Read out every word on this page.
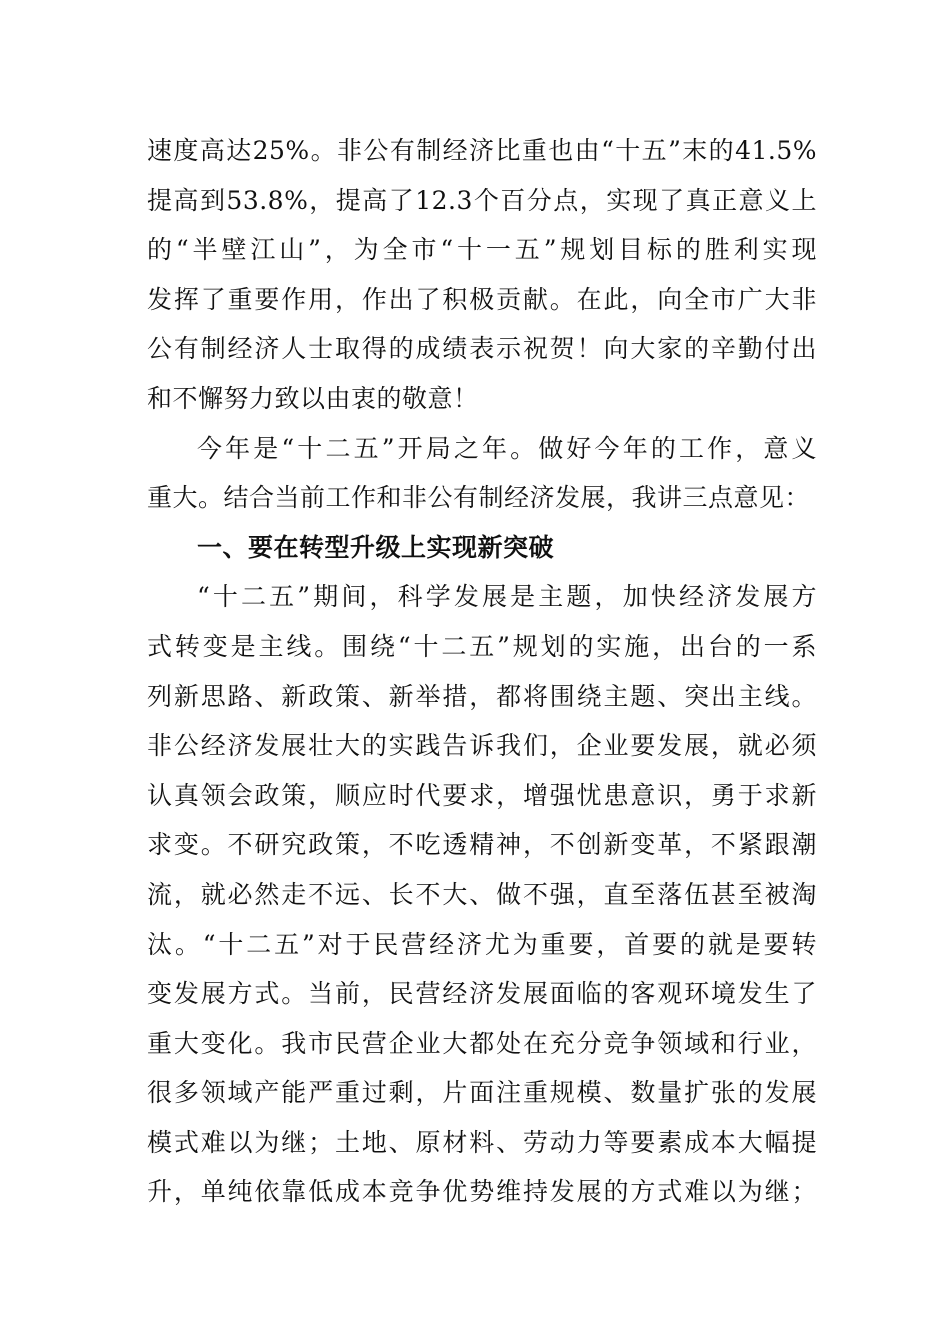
速度高达25%。非公有制经济比重也由“十五”末的41.5%
提高到53.8%，提高了12.3个百分点，实现了真正意义上
的“半壁江山”，为全市“十一五”规划目标的胜利实现
发挥了重要作用，作出了积极贡献。在此，向全市广大非
公有制经济人士取得的成绩表示祝贺！向大家的辛勤付出
和不懈努力致以由衷的敬意！
今年是“十二五”开局之年。做好今年的工作，意义
重大。结合当前工作和非公有制经济发展，我讲三点意见：
一、要在转型升级上实现新突破
“十二五”期间，科学发展是主题，加快经济发展方
式转变是主线。围绕“十二五”规划的实施，出台的一系
列新思路、新政策、新举措，都将围绕主题、突出主线。
非公经济发展壮大的实践告诉我们，企业要发展，就必须
认真领会政策，顺应时代要求，增强忧患意识，勇于求新
求变。不研究政策，不吃透精神，不创新变革，不紧跟潮
流，就必然走不远、长不大、做不强，直至落伍甚至被淘
汰。“十二五”对于民营经济尤为重要，首要的就是要转
变发展方式。当前，民营经济发展面临的客观环境发生了
重大变化。我市民营企业大都处在充分竞争领域和行业，
很多领域产能严重过剩，片面注重规模、数量扩张的发展
模式难以为继；土地、原材料、劳动力等要素成本大幅提
升，单纯依靠低成本竞争优势维持发展的方式难以为继；
